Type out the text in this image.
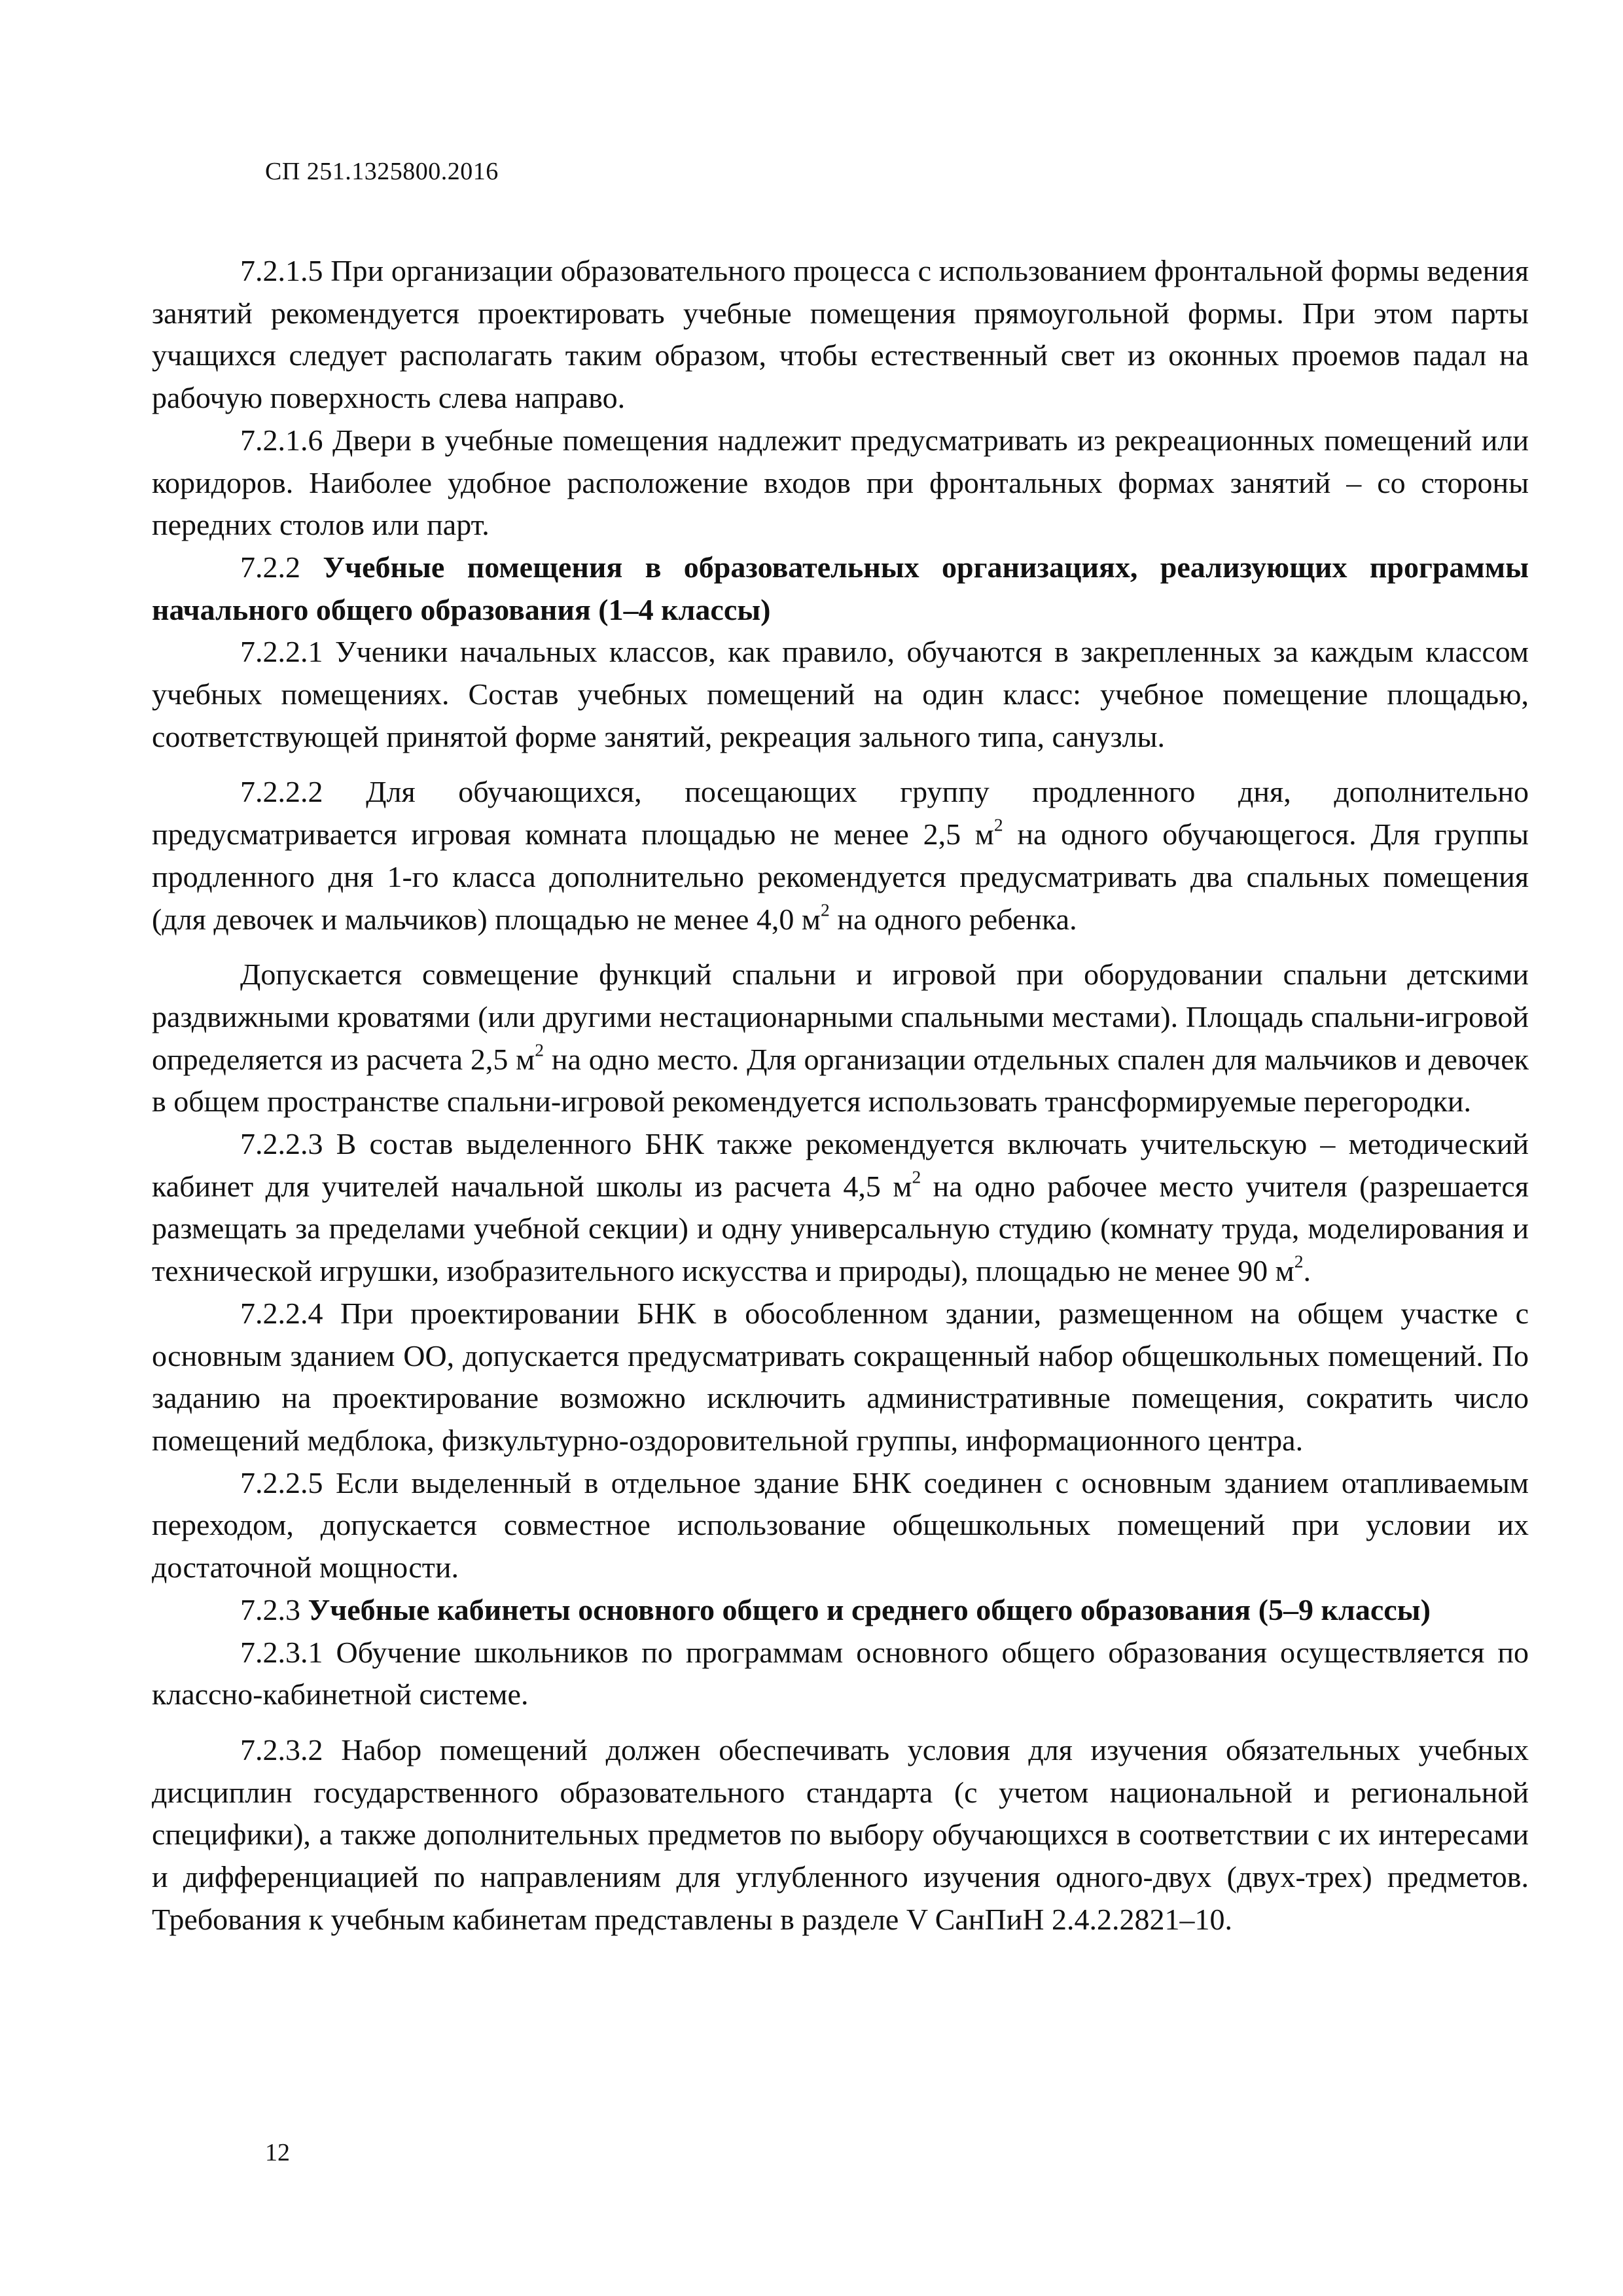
СП 251.1325800.2016

7.2.1.5 При организации образовательного процесса с использованием фронтальной формы ведения занятий рекомендуется проектировать учебные помещения прямоугольной формы. При этом парты учащихся следует располагать таким образом, чтобы естественный свет из оконных проемов падал на рабочую поверхность слева направо.

7.2.1.6 Двери в учебные помещения надлежит предусматривать из рекреационных помещений или коридоров. Наиболее удобное расположение входов при фронтальных формах занятий – со стороны передних столов или парт.

7.2.2 Учебные помещения в образовательных организациях, реализующих программы начального общего образования (1–4 классы)

7.2.2.1 Ученики начальных классов, как правило, обучаются в закрепленных за каждым классом учебных помещениях. Состав учебных помещений на один класс: учебное помещение площадью, соответствующей принятой форме занятий, рекреация зального типа, санузлы.

7.2.2.2 Для обучающихся, посещающих группу продленного дня, дополнительно предусматривается игровая комната площадью не менее 2,5 $м^2$ на одного обучающегося. Для группы продленного дня 1-го класса дополнительно рекомендуется предусматривать два спальных помещения (для девочек и мальчиков) площадью не менее 4,0 $м^2$ на одного ребенка.

Допускается совмещение функций спальни и игровой при оборудовании спальни детскими раздвижными кроватями (или другими нестационарными спальными местами). Площадь спальни-игровой определяется из расчета 2,5 $м^2$ на одно место. Для организации отдельных спален для мальчиков и девочек в общем пространстве спальни-игровой рекомендуется использовать трансформируемые перегородки.

7.2.2.3 В состав выделенного БНК также рекомендуется включать учительскую – методический кабинет для учителей начальной школы из расчета 4,5 $м^2$ на одно рабочее место учителя (разрешается размещать за пределами учебной секции) и одну универсальную студию (комнату труда, моделирования и технической игрушки, изобразительного искусства и природы), площадью не менее 90 $м^2$.

7.2.2.4 При проектировании БНК в обособленном здании, размещенном на общем участке с основным зданием ОО, допускается предусматривать сокращенный набор общешкольных помещений. По заданию на проектирование возможно исключить административные помещения, сократить число помещений медблока, физкультурно-оздоровительной группы, информационного центра.

7.2.2.5 Если выделенный в отдельное здание БНК соединен с основным зданием отапливаемым переходом, допускается совместное использование общешкольных помещений при условии их достаточной мощности.

7.2.3 Учебные кабинеты основного общего и среднего общего образования (5–9 классы)

7.2.3.1 Обучение школьников по программам основного общего образования осуществляется по классно-кабинетной системе.

7.2.3.2 Набор помещений должен обеспечивать условия для изучения обязательных учебных дисциплин государственного образовательного стандарта (с учетом национальной и региональной специфики), а также дополнительных предметов по выбору обучающихся в соответствии с их интересами и дифференциацией по направлениям для углубленного изучения одного-двух (двух-трех) предметов. Требования к учебным кабинетам представлены в разделе V СанПиН 2.4.2.2821–10.

12
